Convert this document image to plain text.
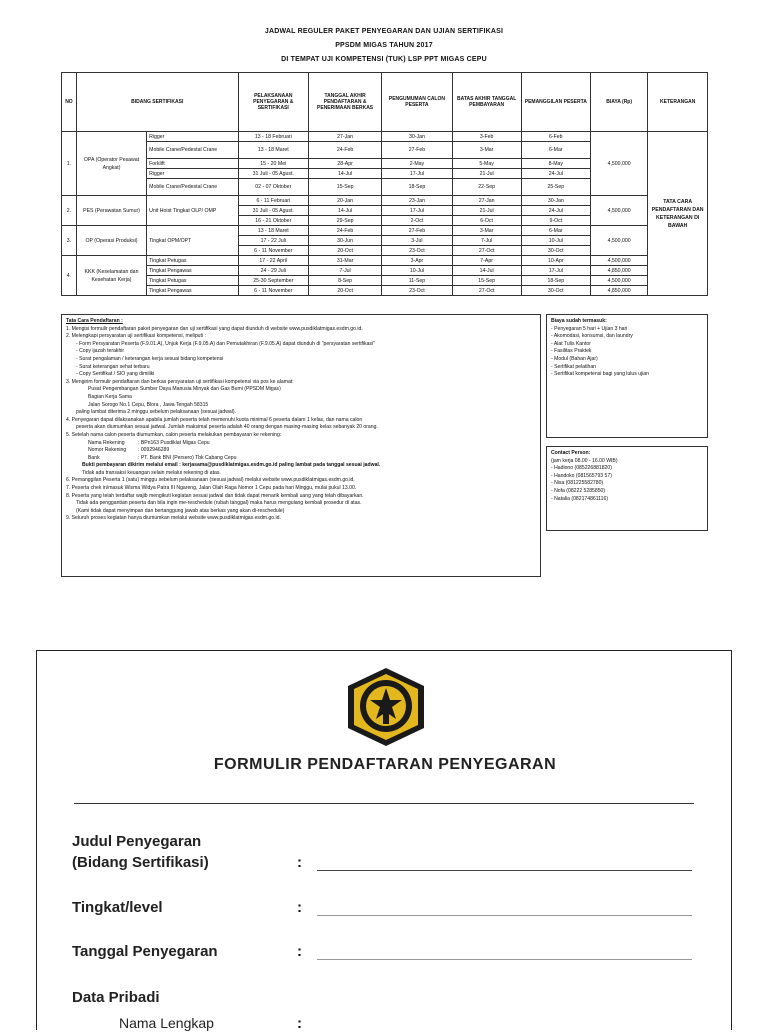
JADWAL REGULER PAKET PENYEGARAN DAN UJIAN SERTIFIKASI
PPSDM MIGAS TAHUN 2017
DI TEMPAT UJI KOMPETENSI (TUK) LSP PPT MIGAS CEPU
NO	BIDANG SERTIFIKASI		PELAKSANAAN PENYEGARAN & SERTIFIKASI	TANGGAL AKHIR PENDAFTARAN & PENERIMAAN BERKAS	PENGUMUMAN CALON PESERTA	BATAS AKHIR TANGGAL PEMBAYARAN	PEMANGGILAN PESERTA	BIAYA (Rp)	KETERANGAN
1.	OPA (Operator Pesawat Angkat)	Rigger	13 - 18 Februari	27-Jan	30-Jan	3-Feb	6-Feb	4,500,000	TATA CARA PENDAFTARAN DAN KETERANGAN DI BAWAH
		Mobile Crane/Pedestal Crane	13 - 18 Maret	24-Feb	27-Feb	3-Mar	6-Mar		
		Forklift	15 - 20 Mei	28-Apr	2-May	5-May	8-May		
		Rigger	31 Juli - 05 Agust.	14-Jul	17-Jul	21-Jul	24-Jul		
		Mobile Crane/Pedestal Crane	02 - 07 Oktober	15-Sep	18-Sep	22-Sep	25-Sep		
2.	PES (Perawatan Sumur)	Unit Hoist Tingkat OLP/ OMP	6 - 11 Februari	20-Jan	23-Jan	27-Jan	30-Jan	4,500,000	
			31 Juli - 05 Agust.	14-Jul	17-Jul	21-Jul	24-Jul		
			16 - 21 Oktober	29-Sep	2-Oct	6-Oct	9-Oct		
3.	OP (Operasi Produksi)	Tingkat OPM/OPT	13 - 18 Maret	24-Feb	27-Feb	3-Mar	6-Mar	4,500,000	
			17 - 22 Juli	30-Jun	3-Jul	7-Jul	10-Jul		
			6 - 11 November	20-Oct	23-Oct	27-Oct	30-Oct		
4.	KKK (Keselamatan dan Kesehatan Kerja)	Tingkat Petugas	17 - 22 April	31-Mar	3-Apr	7-Apr	10-Apr	4,500,000	
		Tingkat Pengawas	24 - 29 Juli	7-Jul	10-Jul	14-Jul	17-Jul	4,850,000	
		Tingkat Petugas	25-30 September	8-Sep	11-Sep	15-Sep	18-Sep	4,500,000	
		Tingkat Pengawas	6 - 11 November	20-Oct	23-Oct	27-Oct	30-Oct	4,850,000	

Tata Cara Pendaftaran :

1. Mengisi formulir pendaftaran paket penyegaran dan uji sertifikasi yang dapat diunduh di website www.pusdiklatmigas.esdm.go.id.

2. Melengkapi persyaratan uji sertifikasi kompetensi, meliputi :

- Form Persyaratan Peserta (F.9.01.A), Unjuk Kerja (F.9.05.A) dan Pemutakhiran (F.9.05.A) dapat diunduh di "persyaratan sertifikasi"

- Copy ijazah terakhir

- Surat pengalaman / keterangan kerja sesuai bidang kompetensi

- Surat keterangan sehat terbaru

- Copy Sertifikat / SIO yang dimiliki

3. Mengirim formulir pendaftaran dan berkas persyaratan uji sertifikasi kompetensi via pos ke alamat:

Pusat Pengembangan Sumber Daya Manusia Minyak dan Gas Bumi (PPSDM Migas)

Bagian Kerja Sama

Jalan Sorogo No.1 Cepu, Blora , Jawa Tengah 58315

paling lambat diterima 2 minggu sebelum pelaksanaan (sesuai jadwal).

4. Penyegaran dapat dilaksanakan apabila jumlah peserta telah memenuhi kuota minimal 6 peserta dalam 1 kelas, dan nama calon

peserta akan diumumkan sesuai jadwal. Jumlah maksimal peserta adalah 40 orang dengan masing-masing kelas sebanyak 20 orang.

5. Setelah nama calon peserta diumumkan, calon peserta melakukan pembayaran ke rekening:

Nama Rekening	: BPn163 Pusdiklat Migas Cepu

Nomor Rekening : 0092946289

Bank	: PT. Bank BNI (Persero) Tbk Cabang Cepu

Bukti pembayaran dikirim melalui email : kerjasama@pusdiklatmigas.esdm.go.id paling lambat pada tanggal sesuai jadwal.

Tidak ada transaksi keuangan selain melalui rekening di atas.

6. Pemanggilan Peserta 1 (satu) minggu sebelum pelaksanaan (sesuai jadwal) melalui website www.pusdiklatmigas.esdm.go.id.

7. Peserta chek in/masuk Wisma Widya Patra III Ngareng, Jalan Olah Raga Nomor 1 Cepu pada hari Minggu, mulai pukul 13.00.

8. Peserta yang telah terdaftar wajib mengikuti kegiatan sesuai jadwal dan tidak dapat menarik kembali uang yang telah dibayarkan.

Tidak ada penggantian peserta dan bila ingin me-reschedule (rubah tanggal) maka harus mengulang kembali prosedur di atas.

(Kami tidak dapat menyimpan dan bertanggung jawab atas berkas yang akan di-reschedule)

9. Seluruh proses kegiatan hanya diumumkan melalui website www.pusdiklatmigas.esdm.go.id.

Biaya sudah termasuk:

- Penyegaran 5 hari + Ujian 3 hari

- Akomodasi, konsumsi, dan laundry

- Alat Tulis Kantor

- Fasilitas Praktek

- Modul (Bahan Ajar)

- Sertifikat pelatihan

- Sertifikat kompetensi bagi yang lulus ujian

Contact Person:

(jam kerja 08.00 - 16.00 WIB)

- Hadiono (085226881820)

- Handoko (081565793 57)

- Nisa (081225582780)

- Nofa (08222 5285850)

- Natalia (082174861116)

FORMULIR PENDAFTARAN PENYEGARAN
Judul Penyegaran
(Bidang Sertifikasi)	:
Tingkat/level	:
Tanggal Penyegaran	:
Data Pribadi
Nama Lengkap	:
